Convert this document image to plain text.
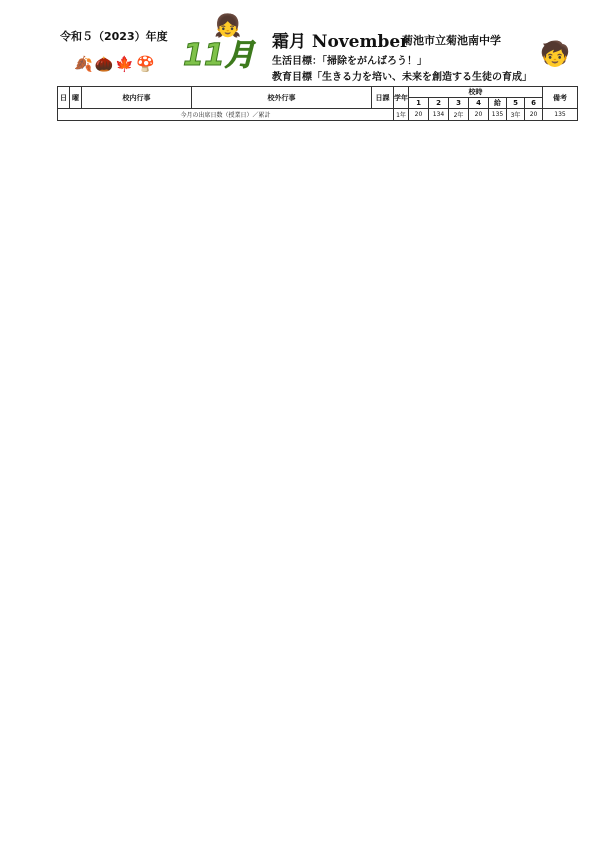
令和５（2023）年度 👧
11月
🍂🌰🍁🍄
霜月 November
菊池市立菊池南中学
生活目標：「掃除をがんばろう！」
教育目標「生きる力を培い、未来を創造する生徒の育成」
🧒
日	曜	校内行事	校外行事	日課	学年	校時							備考
						1	2	3	4	給	5	6	
今月の出席日数（授業日）／累計					1年	20	134	2年	20	135	3年	20	135
